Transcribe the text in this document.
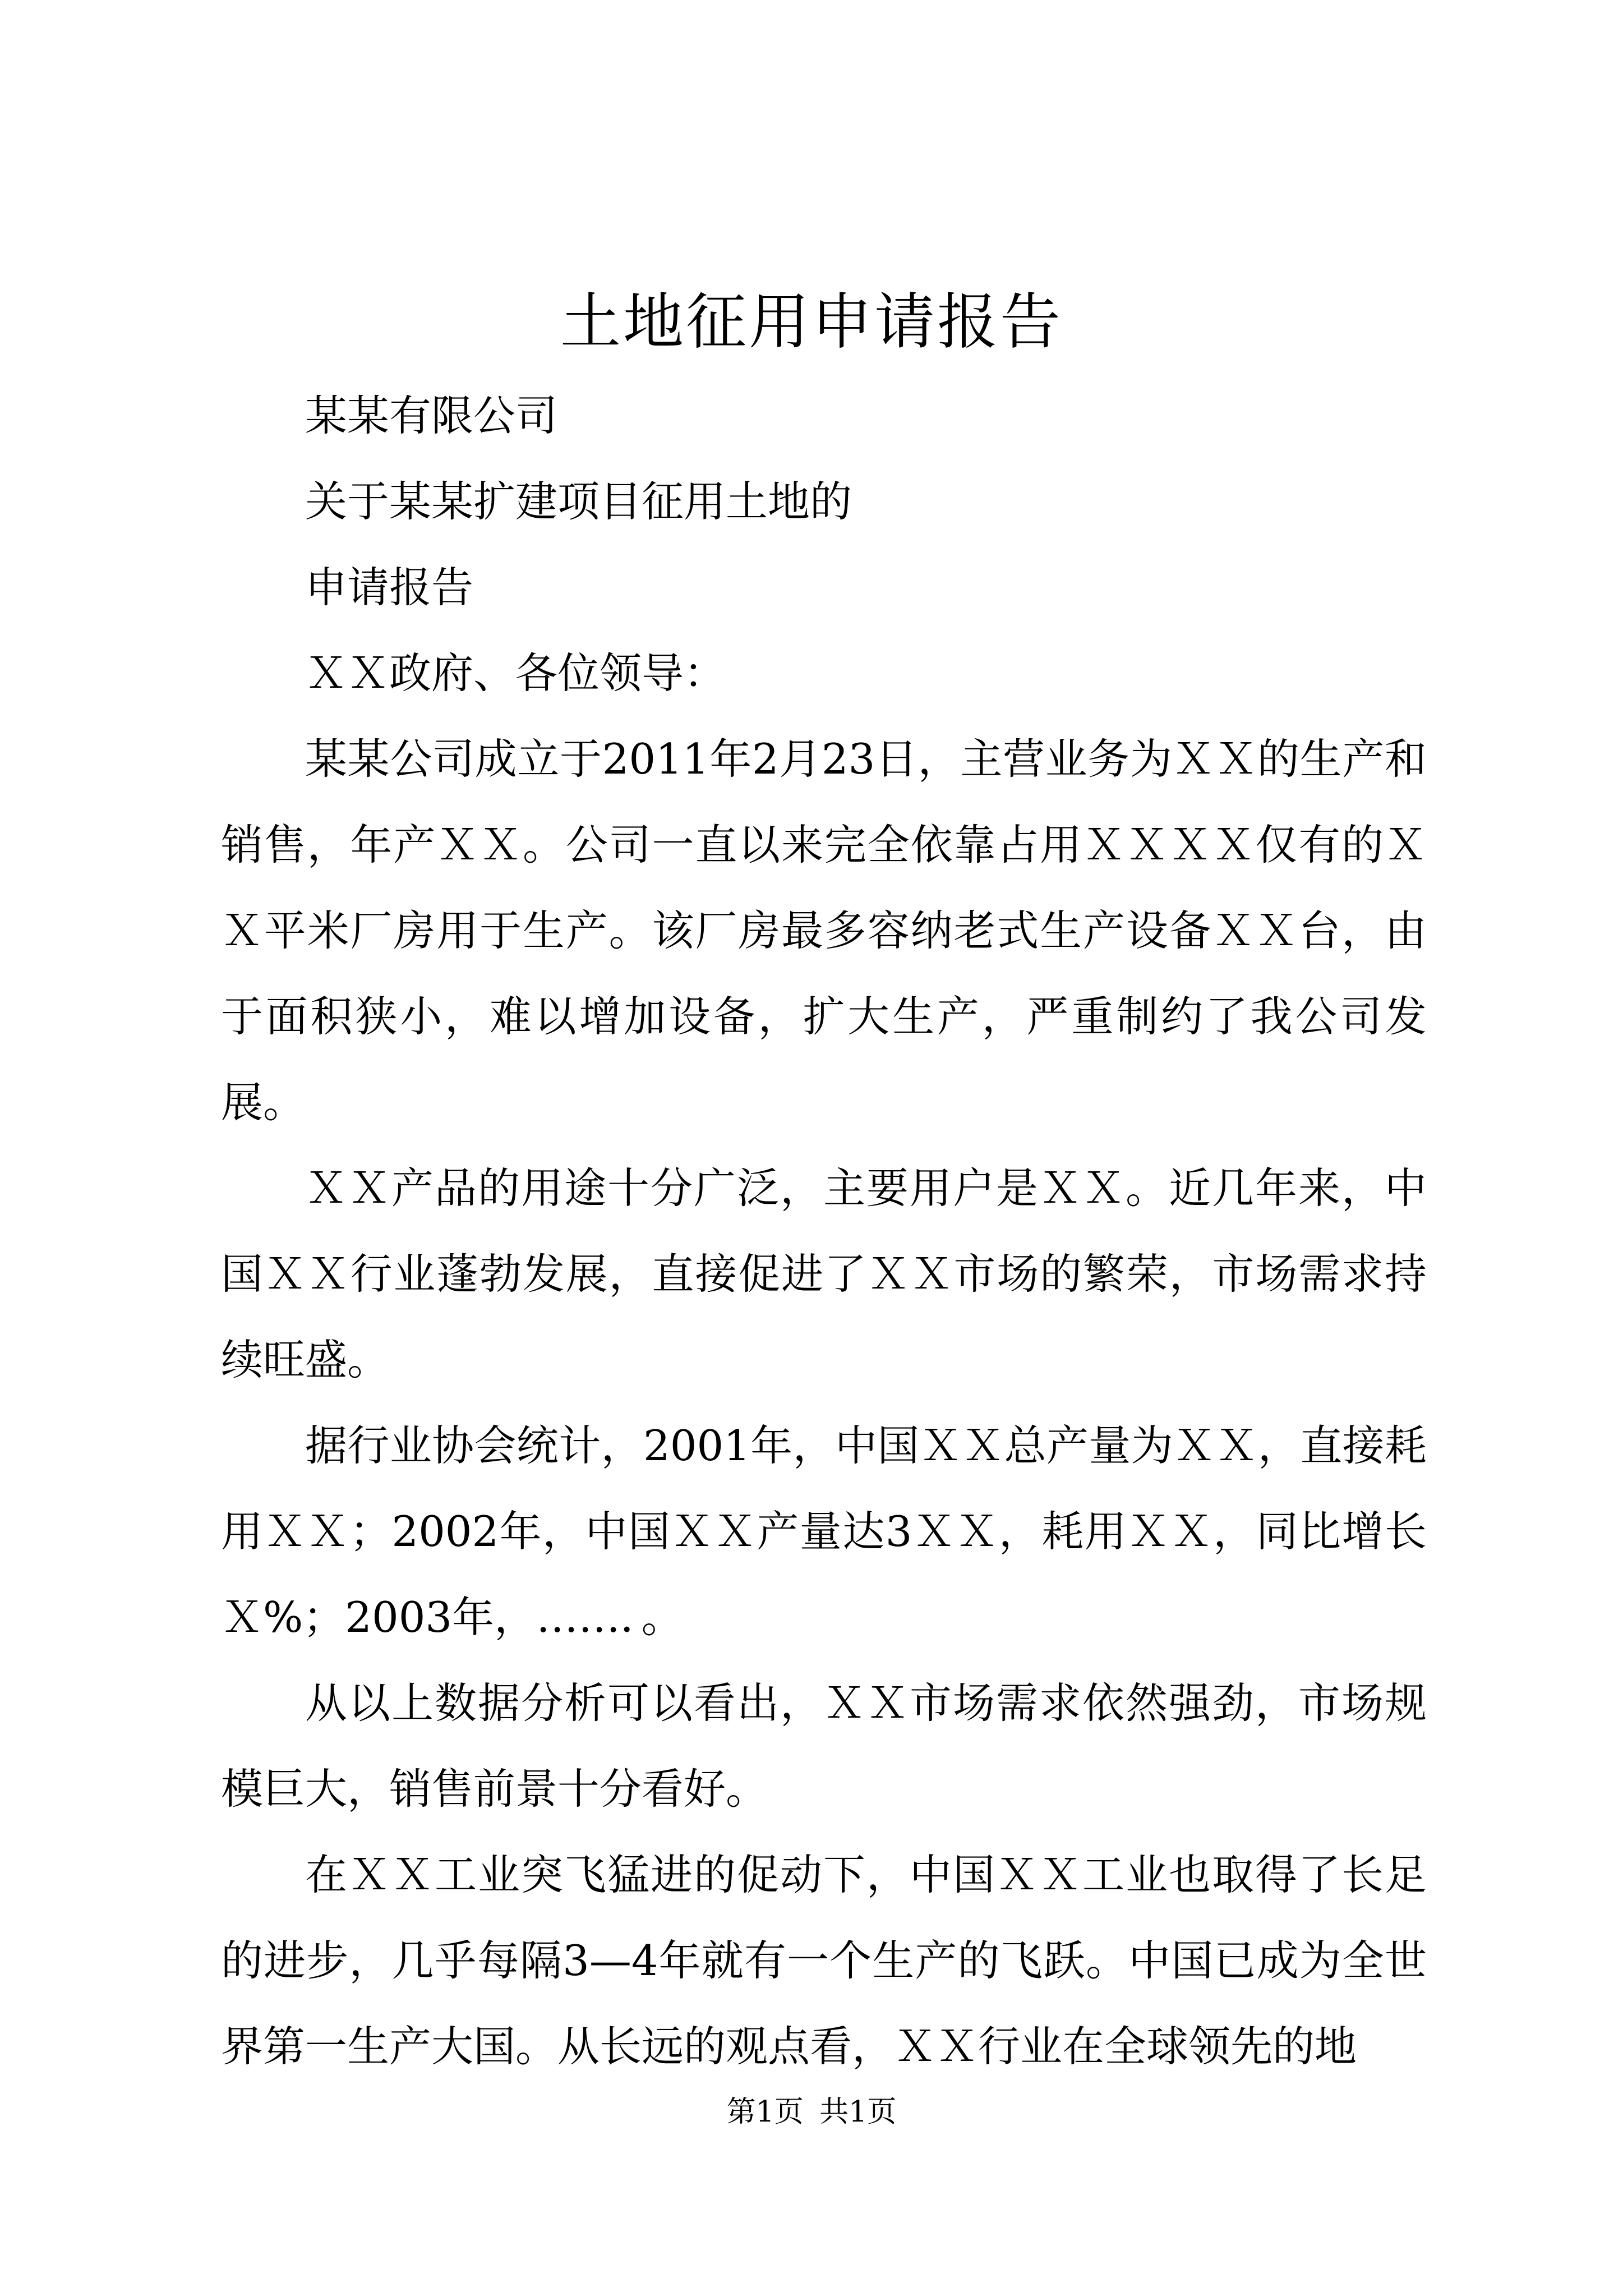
土地征用申请报告

某某有限公司

关于某某扩建项目征用土地的

申请报告

ＸＸ政府、各位领导：

某某公司成立于2011年2月23日，主营业务为ＸＸ的生产和销售，年产ＸＸ。公司一直以来完全依靠占用ＸＸＸＸ仅有的ＸＸ平米厂房用于生产。该厂房最多容纳老式生产设备ＸＸ台，由于面积狭小，难以增加设备，扩大生产，严重制约了我公司发展。

ＸＸ产品的用途十分广泛，主要用户是ＸＸ。近几年来，中国ＸＸ行业蓬勃发展，直接促进了ＸＸ市场的繁荣，市场需求持续旺盛。

据行业协会统计，2001年，中国ＸＸ总产量为ＸＸ，直接耗用ＸＸ；2002年，中国ＸＸ产量达3ＸＸ，耗用ＸＸ，同比增长Ｘ%；2003年，……．。

从以上数据分析可以看出，ＸＸ市场需求依然强劲，市场规模巨大，销售前景十分看好。

在ＸＸ工业突飞猛进的促动下，中国ＸＸ工业也取得了长足的进步，几乎每隔3—4年就有一个生产的飞跃。中国已成为全世界第一生产大国。从长远的观点看，ＸＸ行业在全球领先的地

第1页 共1页
